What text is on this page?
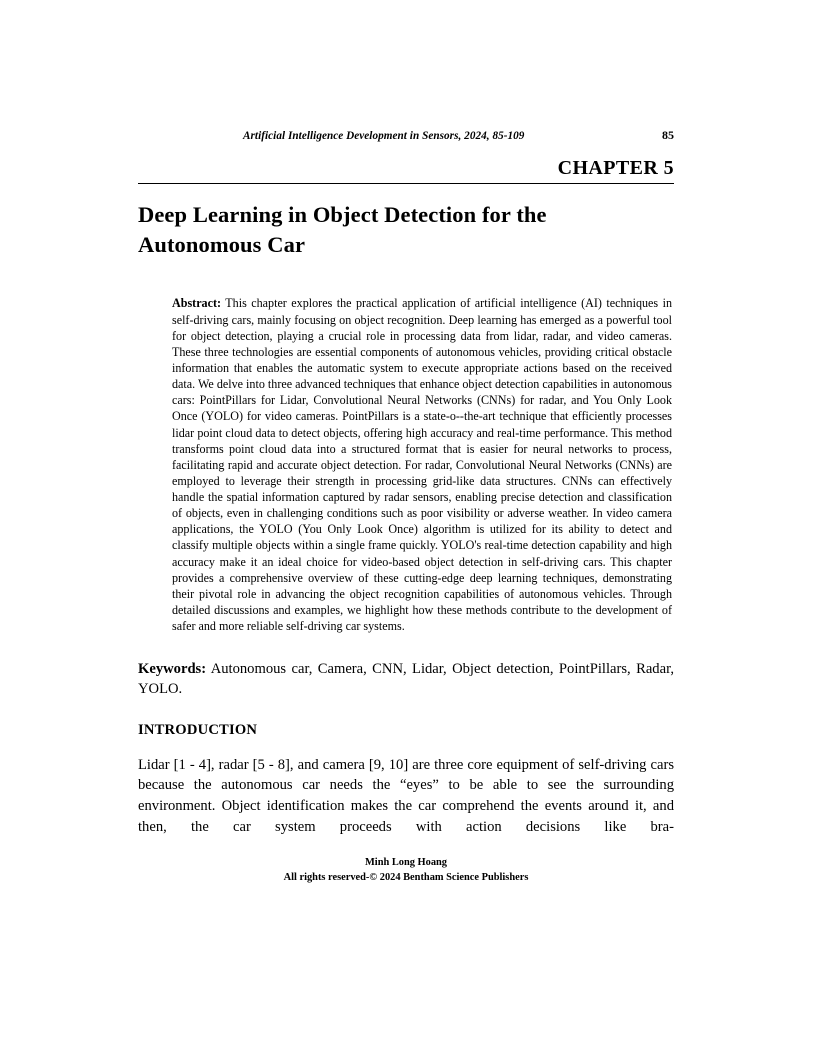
Artificial Intelligence Development in Sensors, 2024, 85-109	85
CHAPTER 5
Deep Learning in Object Detection for the
Autonomous Car
Abstract: This chapter explores the practical application of artificial intelligence (AI) techniques in self-driving cars, mainly focusing on object recognition. Deep learning has emerged as a powerful tool for object detection, playing a crucial role in processing data from lidar, radar, and video cameras. These three technologies are essential components of autonomous vehicles, providing critical obstacle information that enables the automatic system to execute appropriate actions based on the received data. We delve into three advanced techniques that enhance object detection capabilities in autonomous cars: PointPillars for Lidar, Convolutional Neural Networks (CNNs) for radar, and You Only Look Once (YOLO) for video cameras. PointPillars is a state-o--the-art technique that efficiently processes lidar point cloud data to detect objects, offering high accuracy and real-time performance. This method transforms point cloud data into a structured format that is easier for neural networks to process, facilitating rapid and accurate object detection. For radar, Convolutional Neural Networks (CNNs) are employed to leverage their strength in processing grid-like data structures. CNNs can effectively handle the spatial information captured by radar sensors, enabling precise detection and classification of objects, even in challenging conditions such as poor visibility or adverse weather. In video camera applications, the YOLO (You Only Look Once) algorithm is utilized for its ability to detect and classify multiple objects within a single frame quickly. YOLO's real-time detection capability and high accuracy make it an ideal choice for video-based object detection in self-driving cars. This chapter provides a comprehensive overview of these cutting-edge deep learning techniques, demonstrating their pivotal role in advancing the object recognition capabilities of autonomous vehicles. Through detailed discussions and examples, we highlight how these methods contribute to the development of safer and more reliable self-driving car systems.
Keywords: Autonomous car, Camera, CNN, Lidar, Object detection, PointPillars, Radar, YOLO.
INTRODUCTION

Lidar [1 - 4], radar [5 - 8], and camera [9, 10] are three core equipment of self-driving cars because the autonomous car needs the “eyes” to be able to see the surrounding environment. Object identification makes the car comprehend the events around it, and then, the car system proceeds with action decisions like bra-

Minh Long Hoang
All rights reserved-© 2024 Bentham Science Publishers
